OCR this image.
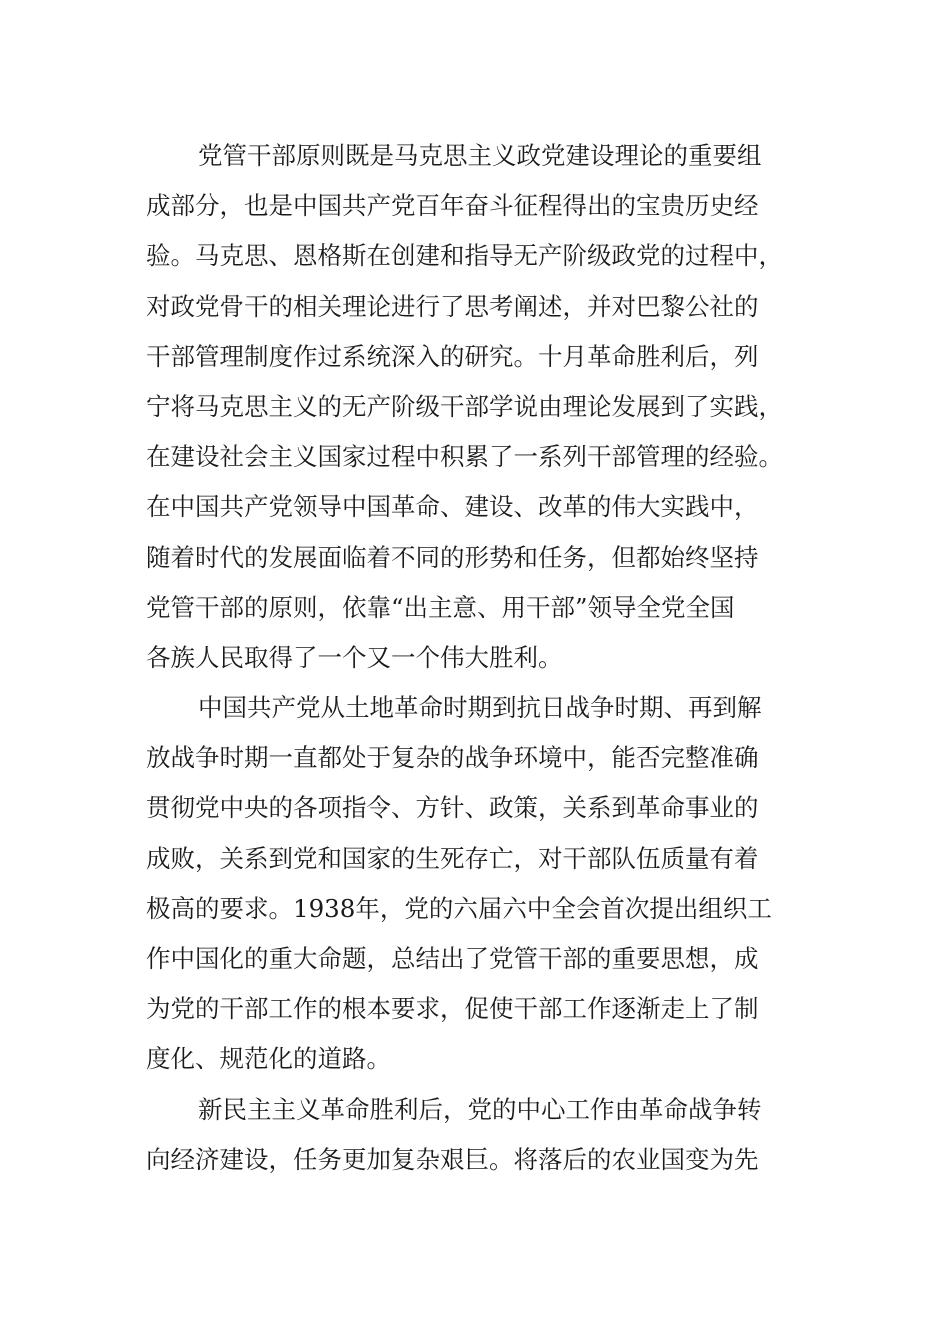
党管干部原则既是马克思主义政党建设理论的重要组
成部分，也是中国共产党百年奋斗征程得出的宝贵历史经
验。马克思、恩格斯在创建和指导无产阶级政党的过程中，
对政党骨干的相关理论进行了思考阐述，并对巴黎公社的
干部管理制度作过系统深入的研究。十月革命胜利后，列
宁将马克思主义的无产阶级干部学说由理论发展到了实践，
在建设社会主义国家过程中积累了一系列干部管理的经验。
在中国共产党领导中国革命、建设、改革的伟大实践中，
随着时代的发展面临着不同的形势和任务，但都始终坚持
党管干部的原则，依靠“出主意、用干部”领导全党全国
各族人民取得了一个又一个伟大胜利。
中国共产党从土地革命时期到抗日战争时期、再到解
放战争时期一直都处于复杂的战争环境中，能否完整准确
贯彻党中央的各项指令、方针、政策，关系到革命事业的
成败，关系到党和国家的生死存亡，对干部队伍质量有着
极高的要求。1938年，党的六届六中全会首次提出组织工
作中国化的重大命题，总结出了党管干部的重要思想，成
为党的干部工作的根本要求，促使干部工作逐渐走上了制
度化、规范化的道路。
新民主主义革命胜利后，党的中心工作由革命战争转
向经济建设，任务更加复杂艰巨。将落后的农业国变为先
